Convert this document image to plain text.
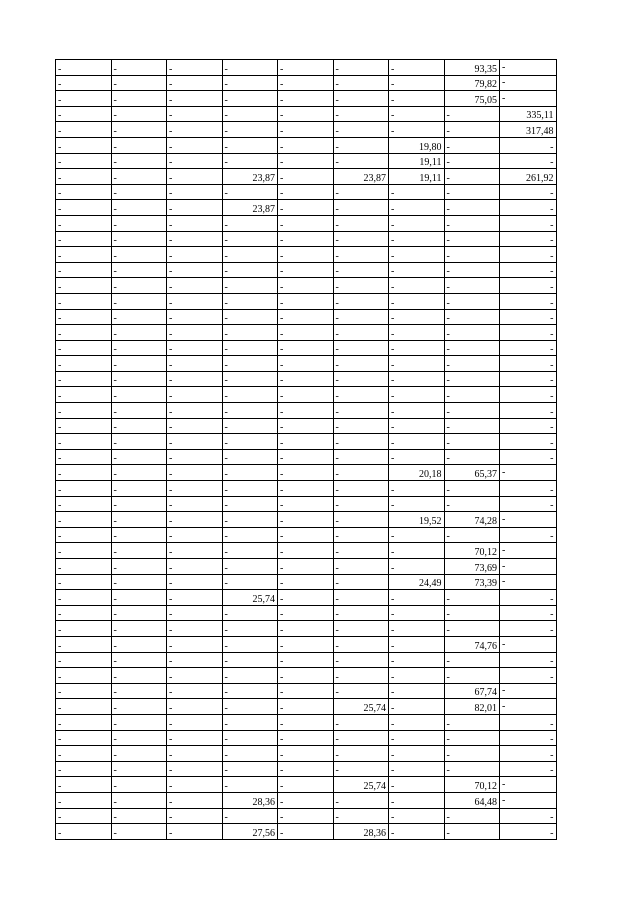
-	-	-	-	-	-	-	93,35	-

-	-	-	-	-	-	-	79,82	-

-	-	-	-	-	-	-	75,05	-

-	-	-	-	-	-	-	-	335,11
-	-	-	-	-	-	-	-	317,48
-	-	-	-	-	-	19,80	-	-
-	-	-	-	-	-	19,11	-	-
-	-	-	23,87	-	23,87	19,11	-	261,92
-	-	-	-	-	-	-	-	-
-	-	-	23,87	-	-	-	-	-
-	-	-	-	-	-	-	-	-
-	-	-	-	-	-	-	-	-
-	-	-	-	-	-	-	-	-
-	-	-	-	-	-	-	-	-
-	-	-	-	-	-	-	-	-
-	-	-	-	-	-	-	-	-
-	-	-	-	-	-	-	-	-
-	-	-	-	-	-	-	-	-
-	-	-	-	-	-	-	-	-
-	-	-	-	-	-	-	-	-
-	-	-	-	-	-	-	-	-
-	-	-	-	-	-	-	-	-
-	-	-	-	-	-	-	-	-
-	-	-	-	-	-	-	-	-
-	-	-	-	-	-	-	-	-
-	-	-	-	-	-	-	-	-
-	-	-	-	-	-	20,18	65,37	-

-	-	-	-	-	-	-	-	-
-	-	-	-	-	-	-	-	-
-	-	-	-	-	-	19,52	74,28	-

-	-	-	-	-	-	-	-	-
-	-	-	-	-	-	-	70,12	-

-	-	-	-	-	-	-	73,69	-

-	-	-	-	-	-	24,49	73,39	-

-	-	-	25,74	-	-	-	-	-
-	-	-	-	-	-	-	-	-
-	-	-	-	-	-	-	-	-
-	-	-	-	-	-	-	74,76	-

-	-	-	-	-	-	-	-	-
-	-	-	-	-	-	-	-	-
-	-	-	-	-	-	-	67,74	-

-	-	-	-	-	25,74	-	82,01	-

-	-	-	-	-	-	-	-	-
-	-	-	-	-	-	-	-	-
-	-	-	-	-	-	-	-	-
-	-	-	-	-	-	-	-	-
-	-	-	-	-	25,74	-	70,12	-

-	-	-	28,36	-	-	-	64,48	-

-	-	-	-	-	-	-	-	-
-	-	-	27,56	-	28,36	-	-	-
